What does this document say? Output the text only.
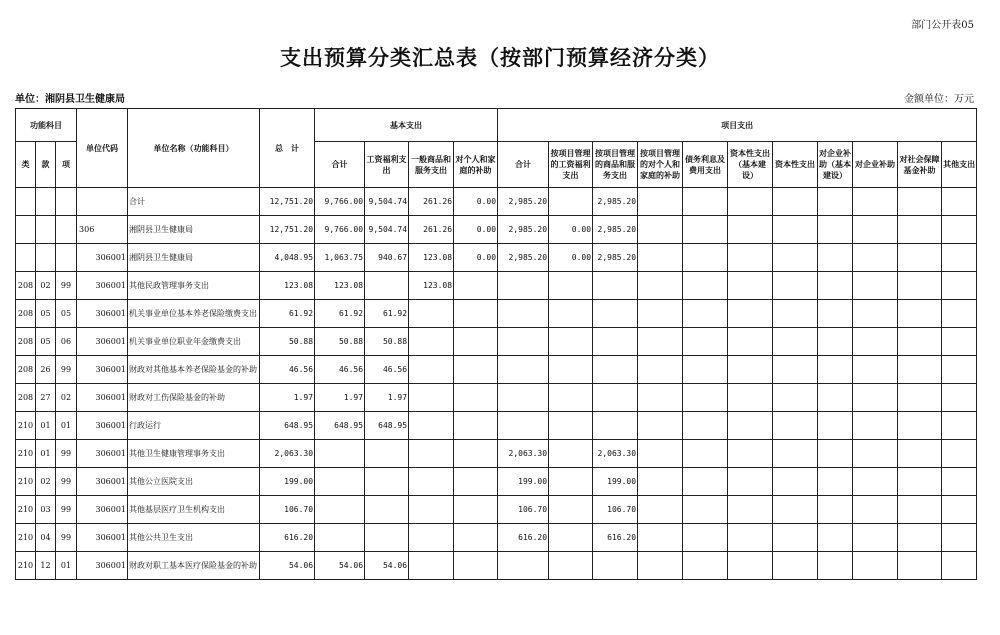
部门公开表05
支出预算分类汇总表（按部门预算经济分类）
单位：湘阴县卫生健康局	金额单位：万元
功能科目			单位代码	单位名称（功能科目）	总　计	基本支出				项目支出										
类	款	项				合计	工资福利支出	一般商品和服务支出	对个人和家庭的补助	合计	按项目管理的工资福利支出	按项目管理的商品和服务支出	按项目管理的对个人和家庭的补助	债务利息及费用支出	资本性支出（基本建设）	资本性支出	对企业补助（基本建设）	对企业补助	对社会保障基金补助	其他支出
				合计	12,751.20	9,766.00	9,504.74	261.26	0.00	2,985.20		2,985.20								
			306	湘阴县卫生健康局	12,751.20	9,766.00	9,504.74	261.26	0.00	2,985.20	0.00	2,985.20								
			306001	湘阴县卫生健康局	4,048.95	1,063.75	940.67	123.08	0.00	2,985.20	0.00	2,985.20								
208	02	99	306001	其他民政管理事务支出	123.08	123.08		123.08												
208	05	05	306001	机关事业单位基本养老保险缴费支出	61.92	61.92	61.92													
208	05	06	306001	机关事业单位职业年金缴费支出	50.88	50.88	50.88													
208	26	99	306001	财政对其他基本养老保险基金的补助	46.56	46.56	46.56													
208	27	02	306001	财政对工伤保险基金的补助	1.97	1.97	1.97													
210	01	01	306001	行政运行	648.95	648.95	648.95													
210	01	99	306001	其他卫生健康管理事务支出	2,063.30					2,063.30		2,063.30								
210	02	99	306001	其他公立医院支出	199.00					199.00		199.00								
210	03	99	306001	其他基层医疗卫生机构支出	106.70					106.70		106.70								
210	04	99	306001	其他公共卫生支出	616.20					616.20		616.20								
210	12	01	306001	财政对职工基本医疗保险基金的补助	54.06	54.06	54.06													
